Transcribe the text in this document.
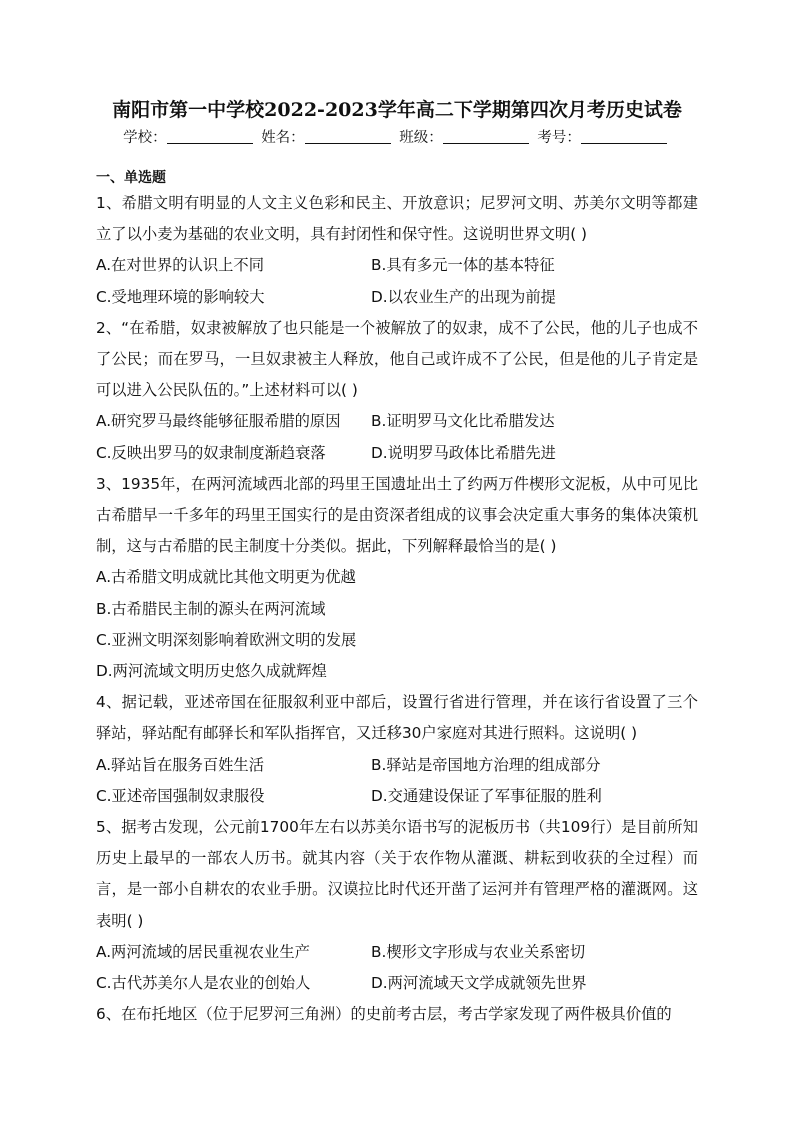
南阳市第一中学校2022-2023学年高二下学期第四次月考历史试卷
学校：	姓名：	班级：	考号：
一、单选题

1、希腊文明有明显的人文主义色彩和民主、开放意识；尼罗河文明、苏美尔文明等都建立了以小麦为基础的农业文明，具有封闭性和保守性。这说明世界文明( )

A.在对世界的认识上不同	B.具有多元一体的基本特征
C.受地理环境的影响较大	D.以农业生产的出现为前提

2、“在希腊，奴隶被解放了也只能是一个被解放了的奴隶，成不了公民，他的儿子也成不了公民；而在罗马，一旦奴隶被主人释放，他自己或许成不了公民，但是他的儿子肯定是可以进入公民队伍的。”上述材料可以( )

A.研究罗马最终能够征服希腊的原因	B.证明罗马文化比希腊发达
C.反映出罗马的奴隶制度渐趋衰落	D.说明罗马政体比希腊先进

3、1935年，在两河流域西北部的玛里王国遗址出土了约两万件楔形文泥板，从中可见比古希腊早一千多年的玛里王国实行的是由资深者组成的议事会决定重大事务的集体决策机制，这与古希腊的民主制度十分类似。据此，下列解释最恰当的是( )

A.古希腊文明成就比其他文明更为优越
B.古希腊民主制的源头在两河流域
C.亚洲文明深刻影响着欧洲文明的发展
D.两河流域文明历史悠久成就辉煌

4、据记载，亚述帝国在征服叙利亚中部后，设置行省进行管理，并在该行省设置了三个驿站，驿站配有邮驿长和军队指挥官，又迁移30户家庭对其进行照料。这说明( )

A.驿站旨在服务百姓生活	B.驿站是帝国地方治理的组成部分
C.亚述帝国强制奴隶服役	D.交通建设保证了军事征服的胜利

5、据考古发现，公元前1700年左右以苏美尔语书写的泥板历书（共109行）是目前所知历史上最早的一部农人历书。就其内容（关于农作物从灌溉、耕耘到收获的全过程）而言，是一部小自耕农的农业手册。汉谟拉比时代还开凿了运河并有管理严格的灌溉网。这表明( )

A.两河流域的居民重视农业生产	B.楔形文字形成与农业关系密切
C.古代苏美尔人是农业的创始人	D.两河流域天文学成就领先世界

6、在布托地区（位于尼罗河三角洲）的史前考古层，考古学家发现了两件极具价值的
